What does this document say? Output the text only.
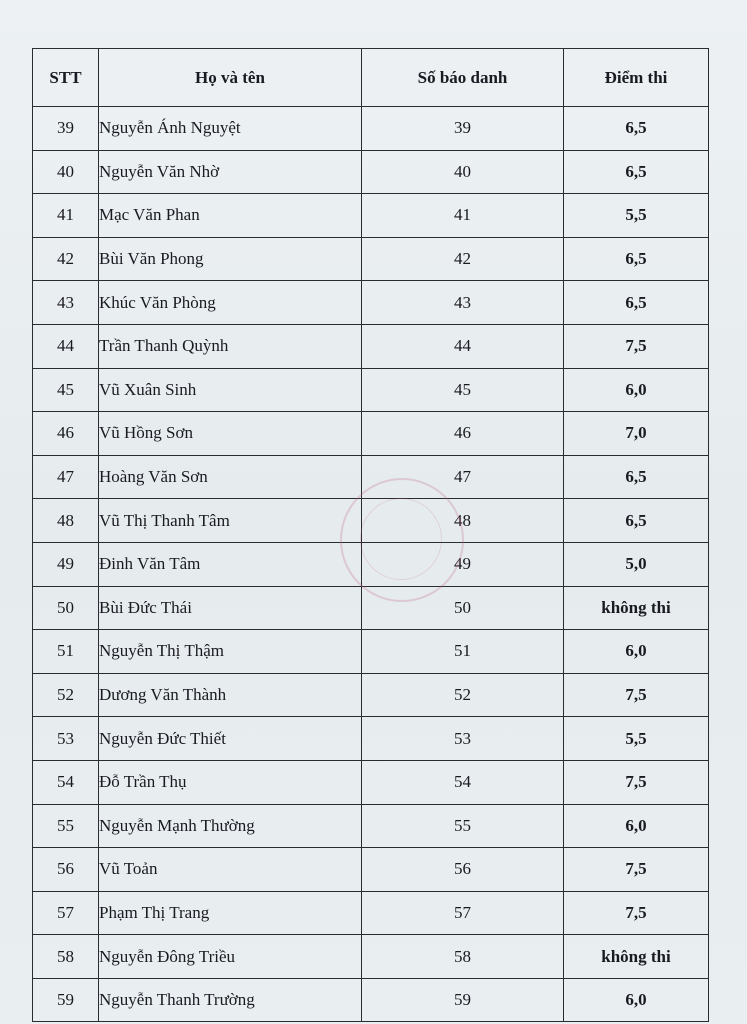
STT	Họ và tên	Số báo danh	Điểm thi
39	Nguyễn Ánh Nguyệt	39	6,5
40	Nguyễn Văn Nhờ	40	6,5
41	Mạc Văn Phan	41	5,5
42	Bùi Văn Phong	42	6,5
43	Khúc Văn Phòng	43	6,5
44	Trần Thanh Quỳnh	44	7,5
45	Vũ Xuân Sinh	45	6,0
46	Vũ Hồng Sơn	46	7,0
47	Hoàng Văn Sơn	47	6,5
48	Vũ Thị Thanh Tâm	48	6,5
49	Đinh Văn Tâm	49	5,0
50	Bùi Đức Thái	50	không thi
51	Nguyễn Thị Thậm	51	6,0
52	Dương Văn Thành	52	7,5
53	Nguyễn Đức Thiết	53	5,5
54	Đỗ Trần Thụ	54	7,5
55	Nguyễn Mạnh Thường	55	6,0
56	Vũ Toản	56	7,5
57	Phạm Thị Trang	57	7,5
58	Nguyễn Đông Triều	58	không thi
59	Nguyễn Thanh Trường	59	6,0
